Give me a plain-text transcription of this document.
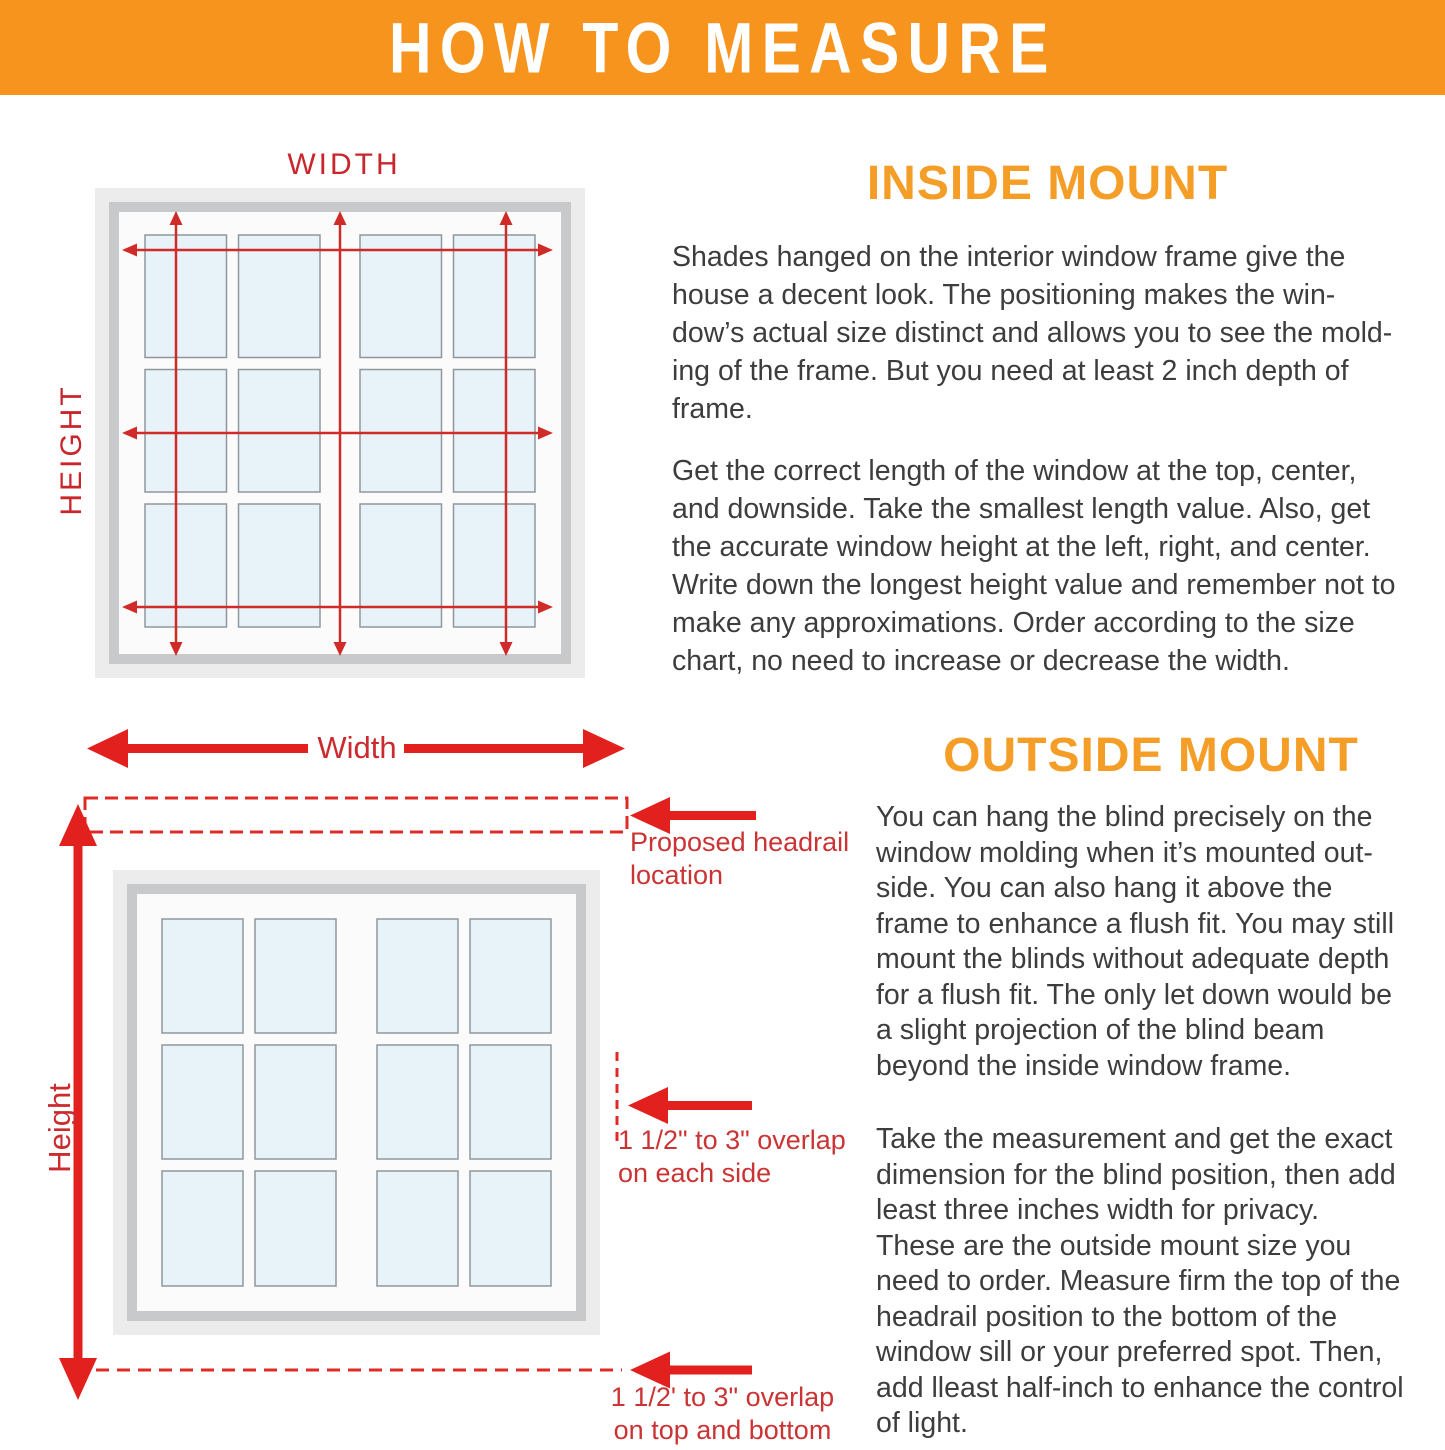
HOW TO MEASURE
WIDTH
HEIGHT
INSIDE MOUNT
Shades hanged on the interior window frame give the
house a decent look. The positioning makes the win-
dow’s actual size distinct and allows you to see the mold-
ing of the frame. But you need at least 2 inch depth of
frame.
Get the correct length of the window at the top, center,
and downside. Take the smallest length value. Also, get
the accurate window height at the left, right, and center.
Write down the longest height value and remember not to
make any approximations. Order according to the size
chart, no need to increase or decrease the width.
Width
Height
Proposed headrail
location
1 1/2" to 3" overlap
on each side
1 1/2' to 3" overlap
on top and bottom
OUTSIDE MOUNT
You can hang the blind precisely on the
window molding when it’s mounted out-
side. You can also hang it above the
frame to enhance a flush fit. You may still
mount the blinds without adequate depth
for a flush fit. The only let down would be
a slight projection of the blind beam
beyond the inside window frame.
Take the measurement and get the exact
dimension for the blind position, then add
least three inches width for privacy.
These are the outside mount size you
need to order. Measure firm the top of the
headrail position to the bottom of the
window sill or your preferred spot. Then,
add lleast half-inch to enhance the control
of light.
